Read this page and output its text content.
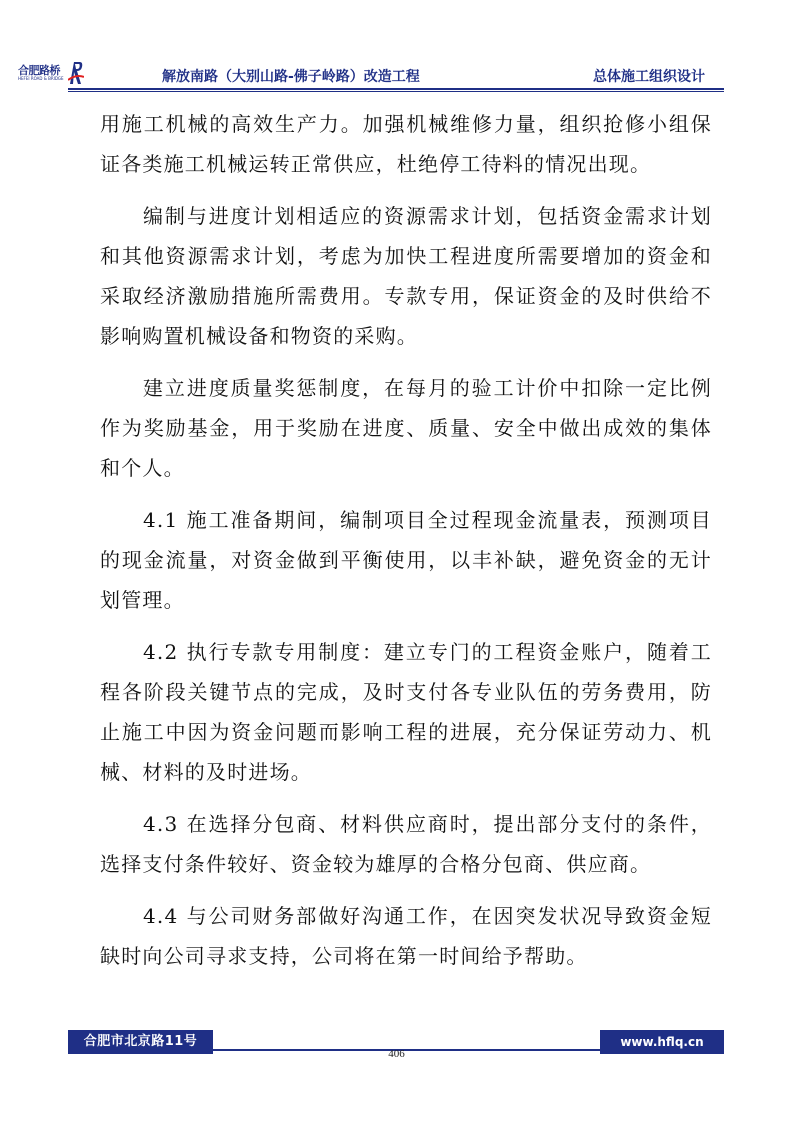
合肥路桥
HEFEI ROAD & BRIDGE	解放南路（大别山路-佛子岭路）改造工程	总体施工组织设计

用施工机械的高效生产力。加强机械维修力量，组织抢修小组保 证各类施工机械运转正常供应，杜绝停工待料的情况出现。

编制与进度计划相适应的资源需求计划，包括资金需求计划 和其他资源需求计划，考虑为加快工程进度所需要增加的资金和 采取经济激励措施所需费用。专款专用，保证资金的及时供给不 影响购置机械设备和物资的采购。

建立进度质量奖惩制度，在每月的验工计价中扣除一定比例 作为奖励基金，用于奖励在进度、质量、安全中做出成效的集体 和个人。

4.1 施工准备期间，编制项目全过程现金流量表，预测项目 的现金流量，对资金做到平衡使用，以丰补缺，避免资金的无计 划管理。

4.2 执行专款专用制度：建立专门的工程资金账户，随着工 程各阶段关键节点的完成，及时支付各专业队伍的劳务费用，防 止施工中因为资金问题而影响工程的进展，充分保证劳动力、机 械、材料的及时进场。

4.3 在选择分包商、材料供应商时，提出部分支付的条件，选择支付条件较好、资金较为雄厚的合格分包商、供应商。

4.4 与公司财务部做好沟通工作，在因突发状况导致资金短 缺时向公司寻求支持，公司将在第一时间给予帮助。

合肥市北京路11号	www.hflq.cn
406
